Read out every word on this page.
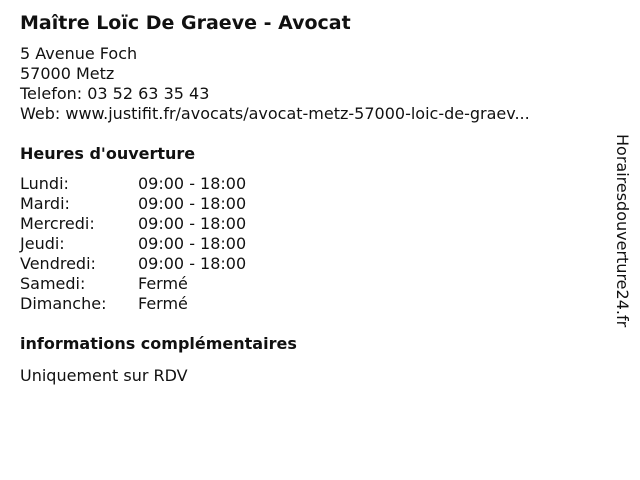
Maître Loïc De Graeve - Avocat
5 Avenue Foch
57000 Metz
Telefon: 03 52 63 35 43
Web: www.justifit.fr/avocats/avocat-metz-57000-loic-de-graev...
Heures d'ouverture
Lundi:	09:00 - 18:00
Mardi:	09:00 - 18:00
Mercredi:	09:00 - 18:00
Jeudi:	09:00 - 18:00
Vendredi:	09:00 - 18:00
Samedi:	Fermé
Dimanche: Fermé
informations complémentaires
Uniquement sur RDV
Horairesdouverture24.fr
